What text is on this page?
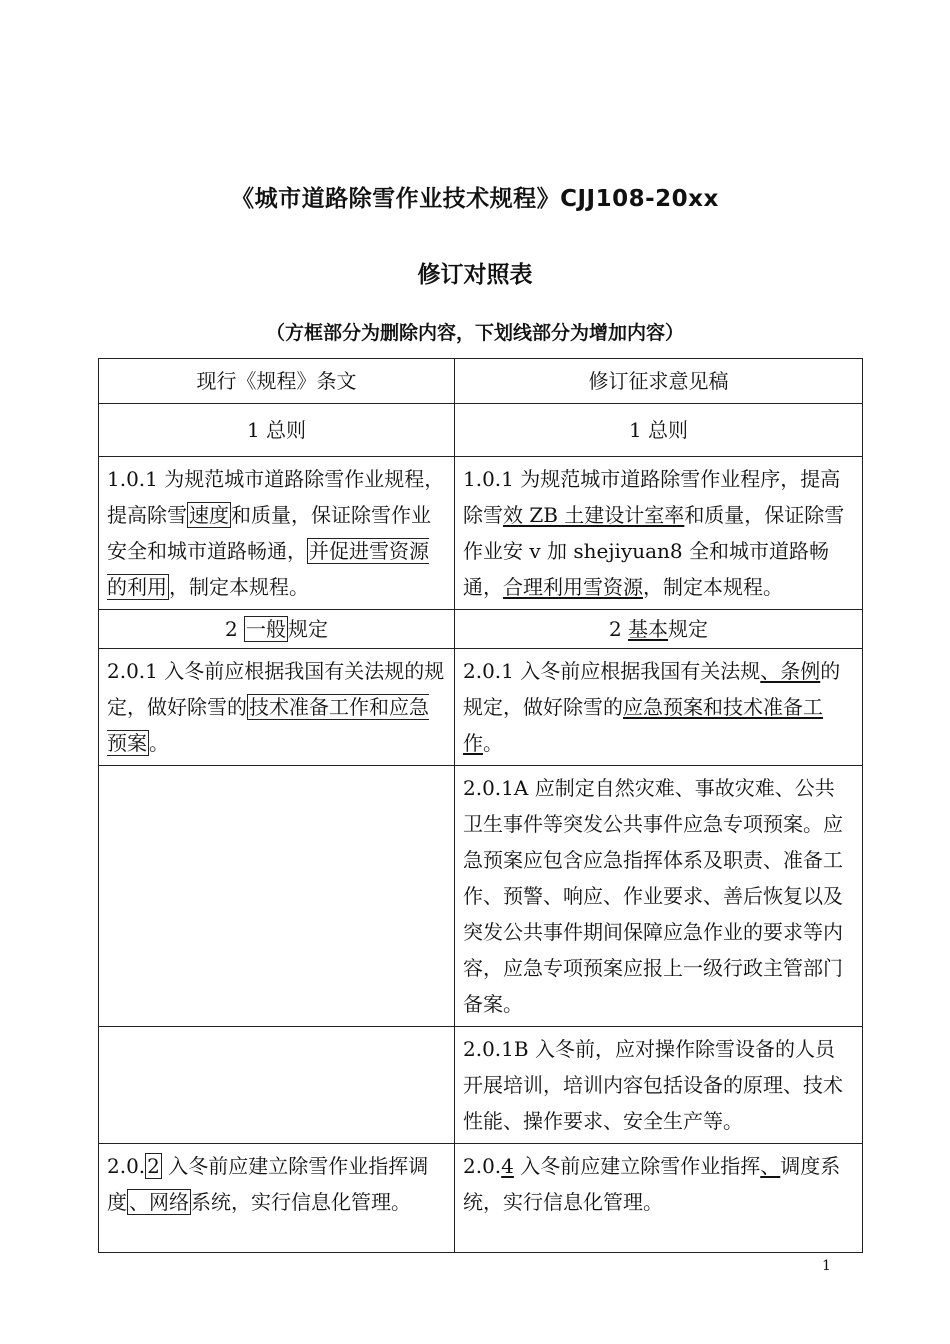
《城市道路除雪作业技术规程》CJJ108-20xx
修订对照表
（方框部分为删除内容，下划线部分为增加内容）
现行《规程》条文	修订征求意见稿
1 总则	1 总则
1.0.1 为规范城市道路除雪作业规程，提高除雪 速度 和质量，保证除雪作业安全和城市道路畅通， 并促进雪资源的利用 ，制定本规程。	1.0.1 为规范城市道路除雪作业程序，提高除雪效 ZB 土建设计室率和质量，保证除雪作业安 v 加 shejiyuan8 全和城市道路畅通，合理利用雪资源，制定本规程。
2 一般 规定	2 基本规定
2.0.1 入冬前应根据我国有关法规的规定，做好除雪的 技术准备工作和应急预案 。	2.0.1 入冬前应根据我国有关法规、条例的规定，做好除雪的应急预案和技术准备工作。
	2.0.1A 应制定自然灾难、事故灾难、公共卫生事件等突发公共事件应急专项预案。应急预案应包含应急指挥体系及职责、准备工作、预警、响应、作业要求、善后恢复以及突发公共事件期间保障应急作业的要求等内容，应急专项预案应报上一级行政主管部门备案。
	2.0.1B 入冬前，应对操作除雪设备的人员开展培训，培训内容包括设备的原理、技术性能、操作要求、安全生产等。
2.0. 2 入冬前应建立除雪作业指挥调度 、网络 系统，实行信息化管理。	2.0.4 入冬前应建立除雪作业指挥、调度系统，实行信息化管理。
1
